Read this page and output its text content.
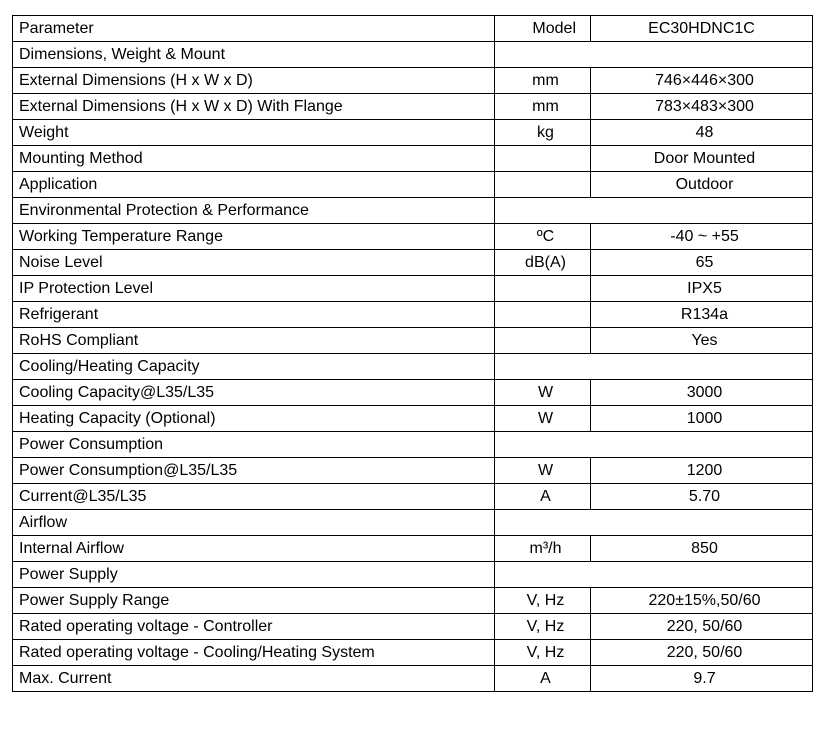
Parameter	Model	EC30HDNC1C
Dimensions, Weight & Mount		
External Dimensions (H x W x D)	mm	746×446×300
External Dimensions (H x W x D) With Flange	mm	783×483×300
Weight	kg	48
Mounting Method		Door Mounted
Application		Outdoor
Environmental Protection & Performance		
Working Temperature Range	ºC	-40 ~ +55
Noise Level	dB(A)	65
IP Protection Level		IPX5
Refrigerant		R134a
RoHS Compliant		Yes
Cooling/Heating Capacity		
Cooling Capacity@L35/L35	W	3000
Heating Capacity (Optional)	W	1000
Power Consumption		
Power Consumption@L35/L35	W	1200
Current@L35/L35	A	5.70
Airflow		
Internal Airflow	m³/h	850
Power Supply		
Power Supply Range	V, Hz	220±15%,50/60
Rated operating voltage - Controller	V, Hz	220, 50/60
Rated operating voltage - Cooling/Heating System	V, Hz	220, 50/60
Max. Current	A	9.7
